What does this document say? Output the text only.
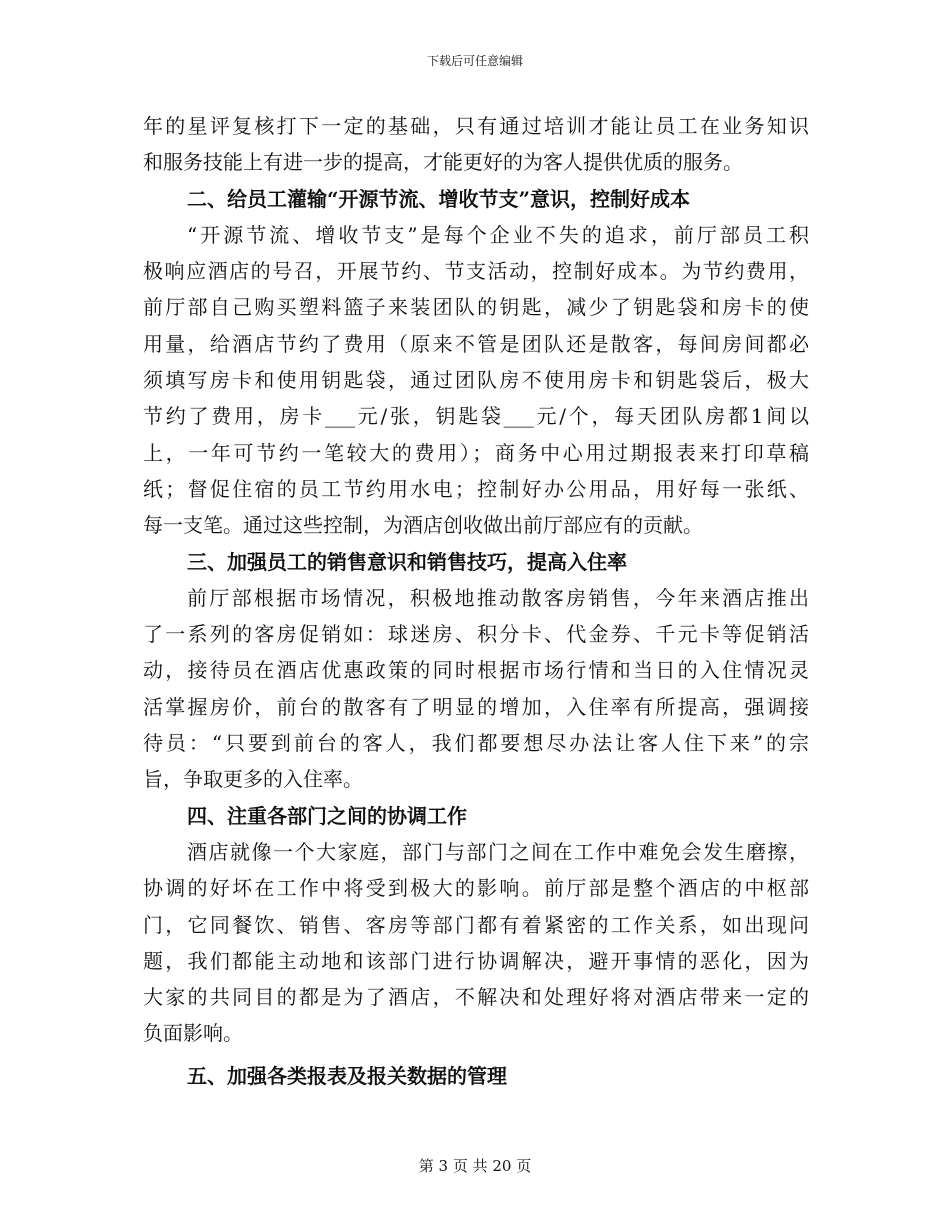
下载后可任意编辑
年的星评复核打下一定的基础，只有通过培训才能让员工在业务知识
和服务技能上有进一步的提高，才能更好的为客人提供优质的服务。
二、给员工灌输“开源节流、增收节支”意识，控制好成本
“开源节流、增收节支”是每个企业不失的追求，前厅部员工积
极响应酒店的号召，开展节约、节支活动，控制好成本。为节约费用，
前厅部自己购买塑料篮子来装团队的钥匙，减少了钥匙袋和房卡的使
用量，给酒店节约了费用（原来不管是团队还是散客，每间房间都必
须填写房卡和使用钥匙袋，通过团队房不使用房卡和钥匙袋后，极大
节约了费用，房卡___元/张，钥匙袋___元/个，每天团队房都1间以
上，一年可节约一笔较大的费用）；商务中心用过期报表来打印草稿
纸；督促住宿的员工节约用水电；控制好办公用品，用好每一张纸、
每一支笔。通过这些控制，为酒店创收做出前厅部应有的贡献。
三、加强员工的销售意识和销售技巧，提高入住率
前厅部根据市场情况，积极地推动散客房销售，今年来酒店推出
了一系列的客房促销如：球迷房、积分卡、代金券、千元卡等促销活
动，接待员在酒店优惠政策的同时根据市场行情和当日的入住情况灵
活掌握房价，前台的散客有了明显的增加，入住率有所提高，强调接
待员：“只要到前台的客人，我们都要想尽办法让客人住下来”的宗
旨，争取更多的入住率。
四、注重各部门之间的协调工作
酒店就像一个大家庭，部门与部门之间在工作中难免会发生磨擦，
协调的好坏在工作中将受到极大的影响。前厅部是整个酒店的中枢部
门，它同餐饮、销售、客房等部门都有着紧密的工作关系，如出现问
题，我们都能主动地和该部门进行协调解决，避开事情的恶化，因为
大家的共同目的都是为了酒店，不解决和处理好将对酒店带来一定的
负面影响。
五、加强各类报表及报关数据的管理
第 3 页 共 20 页
